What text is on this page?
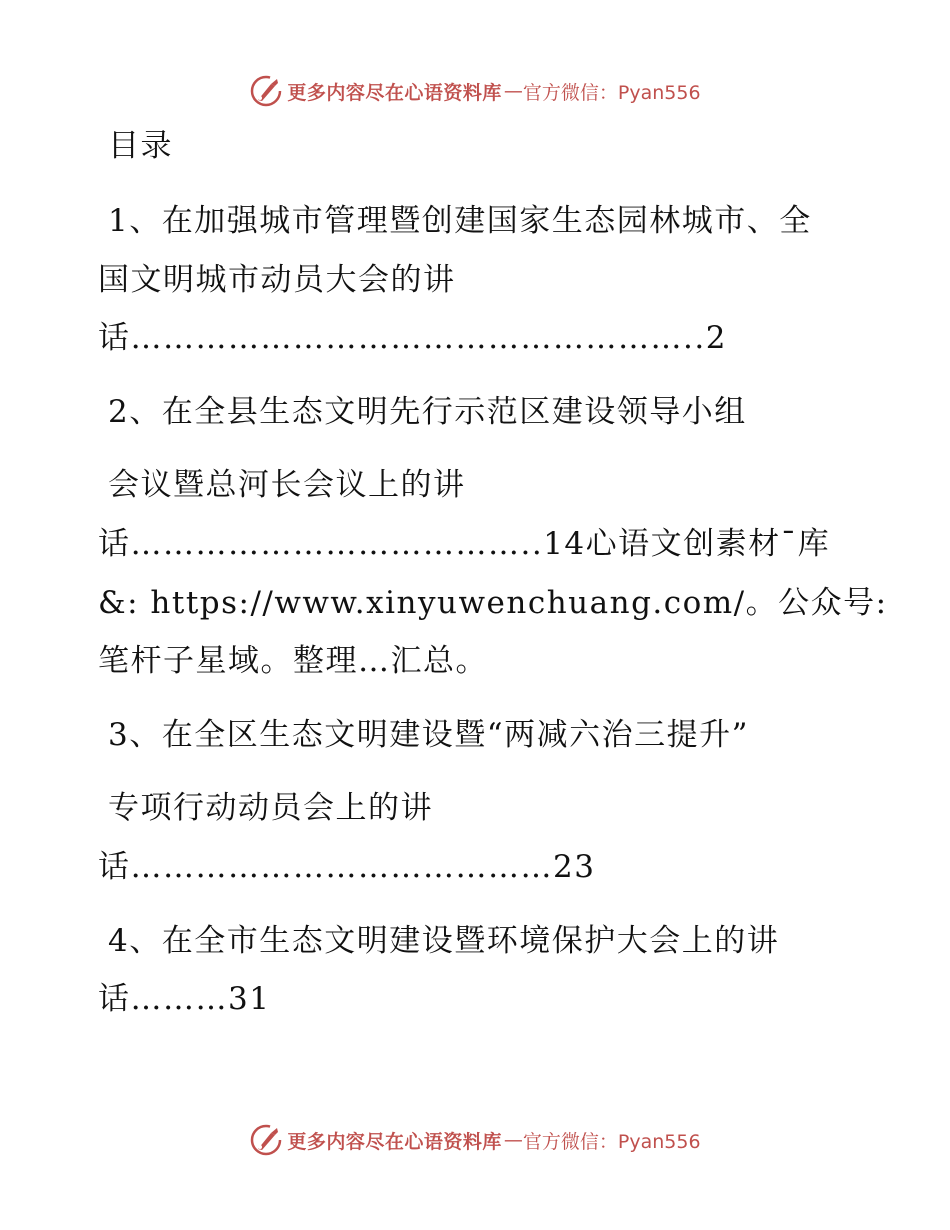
更多内容尽在心语资料库 — 官方微信：Pyan556
目录
1、在加强城市管理暨创建国家生态园林城市、全
国文明城市动员大会的讲
话……………………………………………..2
2、在全县生态文明先行示范区建设领导小组
会议暨总河长会议上的讲
话………………………………..14心语文创素材¯库
&: https://www.xinyuwenchuang.com/。公众号:
笔杆子星域。整理…汇总。
3、在全区生态文明建设暨“两减六治三提升”
专项行动动员会上的讲
话…………………………………23
4、在全市生态文明建设暨环境保护大会上的讲
话………31
更多内容尽在心语资料库 — 官方微信：Pyan556
